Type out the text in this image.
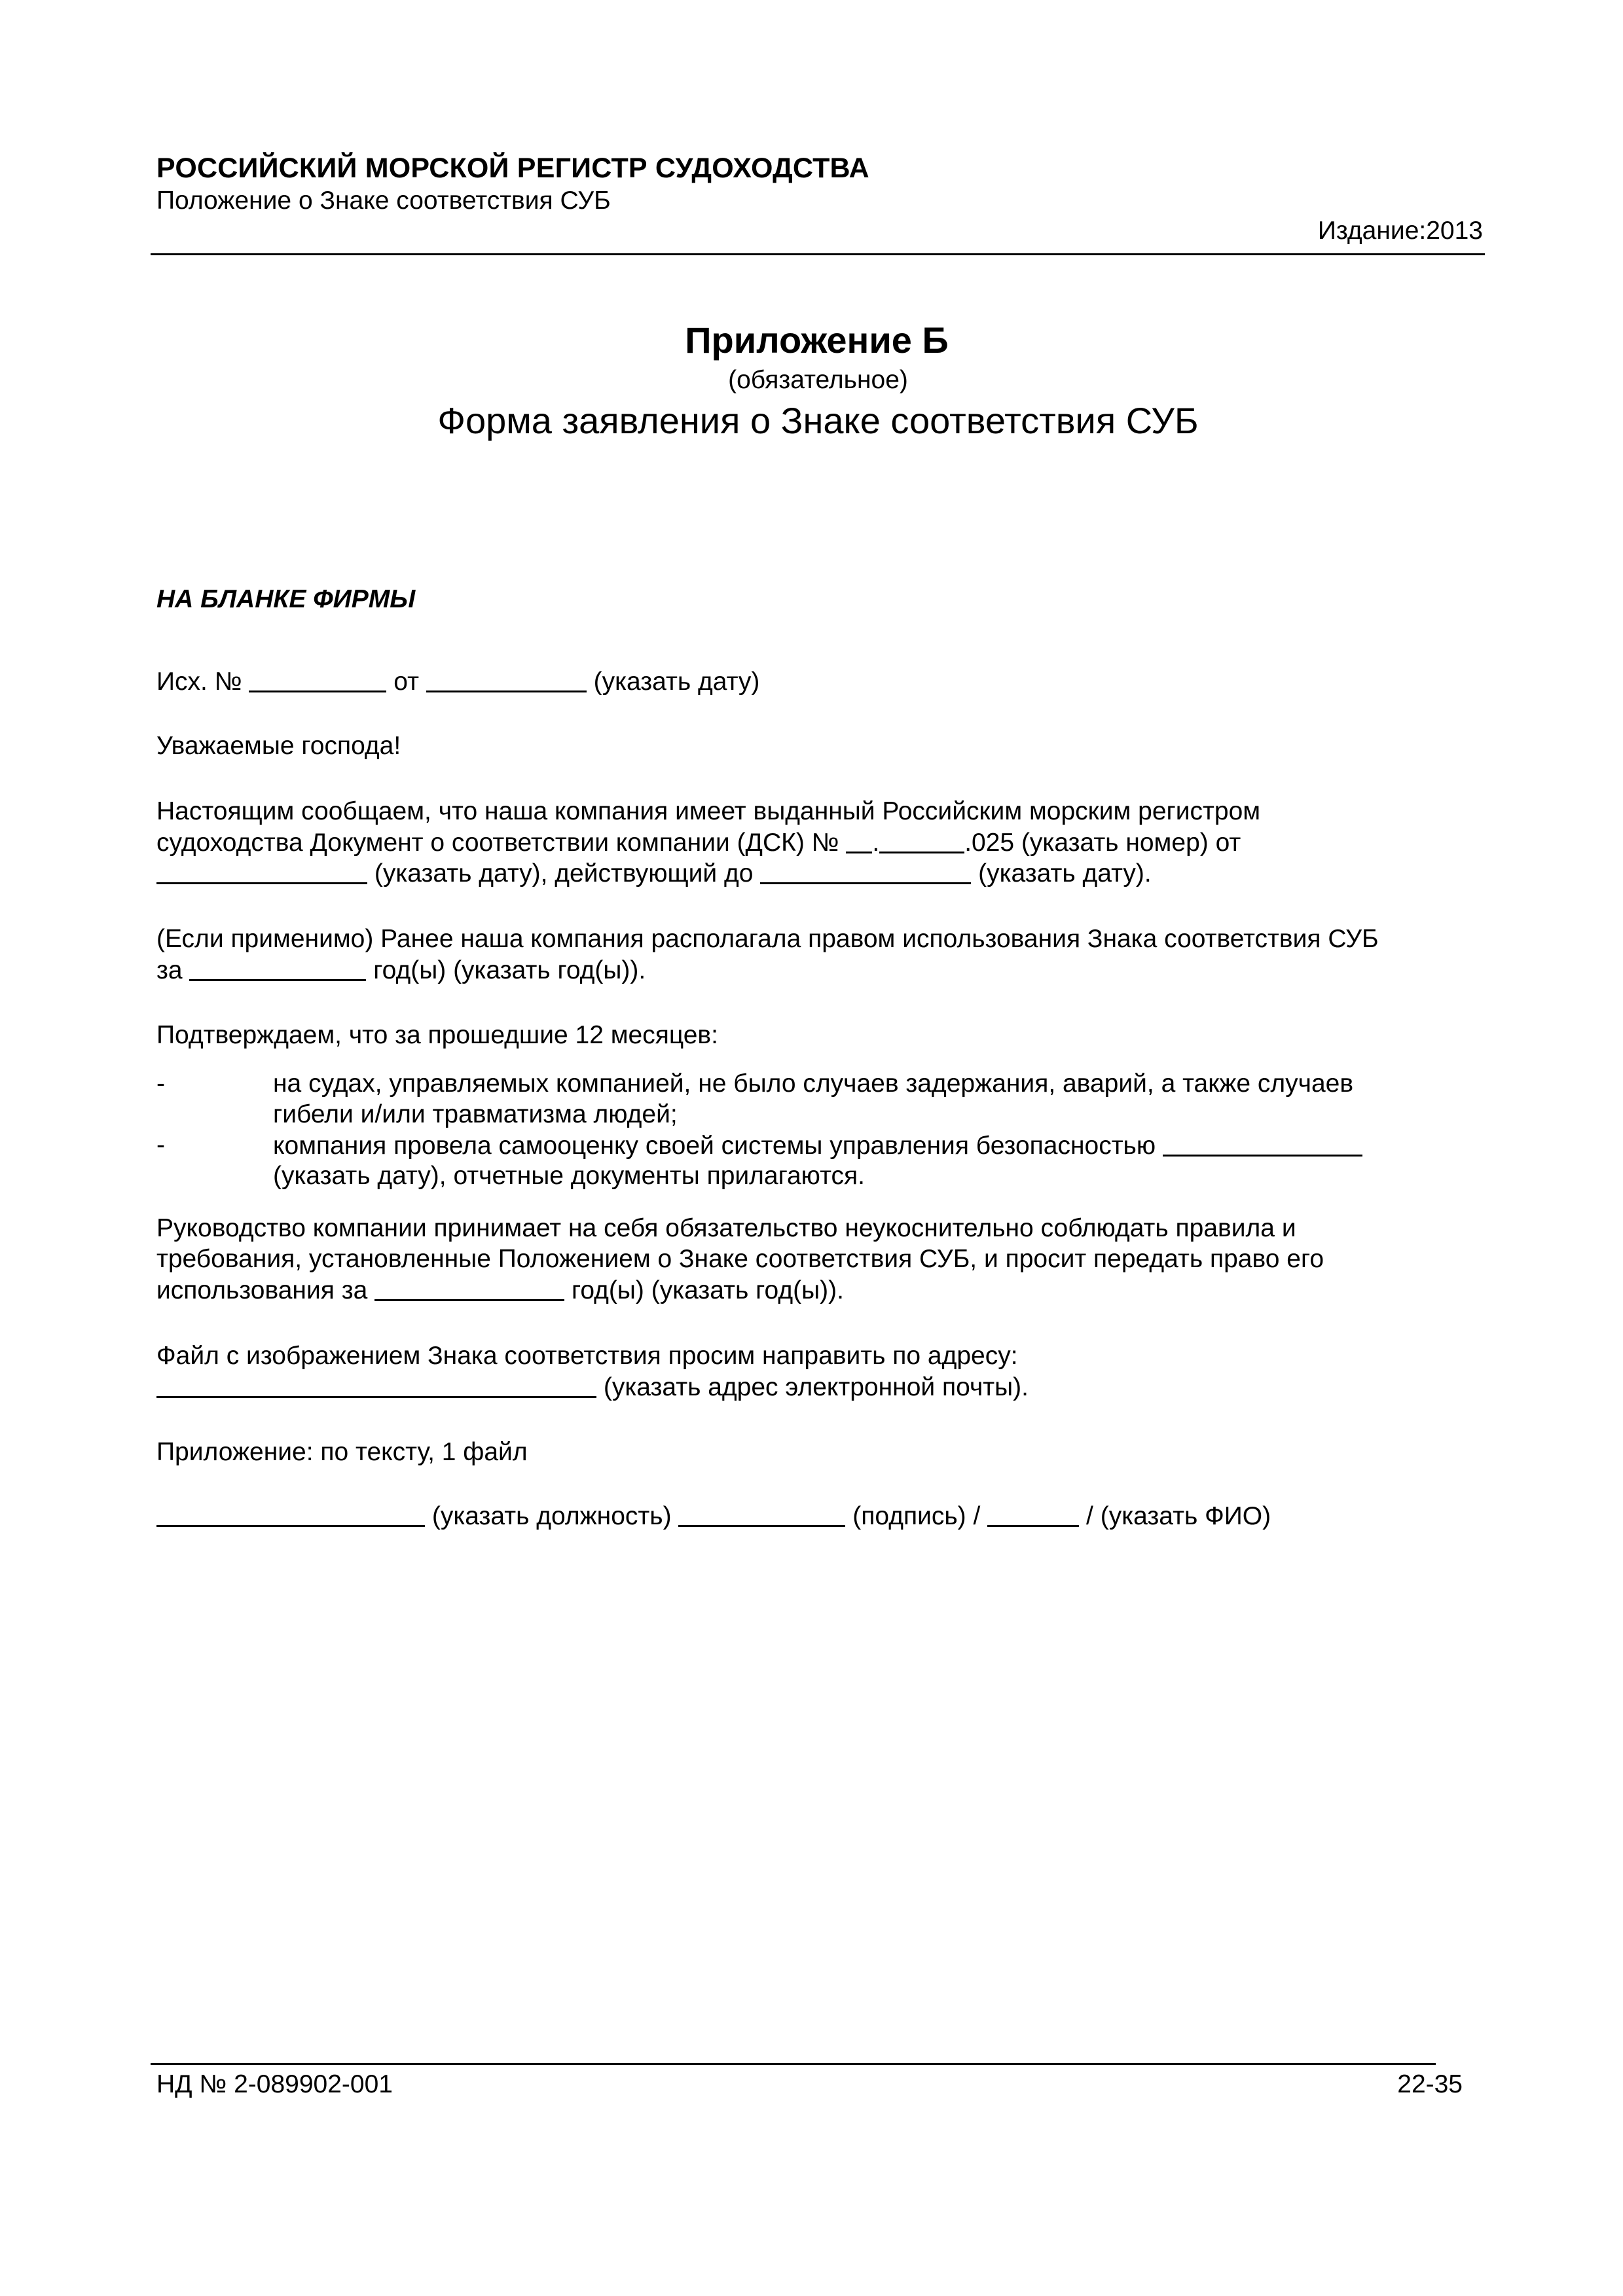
РОССИЙСКИЙ МОРСКОЙ РЕГИСТР СУДОХОДСТВА
Положение о Знаке соответствия СУБ
Издание:2013
Приложение Б
(обязательное)
Форма заявления о Знаке соответствия СУБ
НА БЛАНКЕ ФИРМЫ
Исх. №	от	(указать дату)
Уважаемые господа!
Настоящим сообщаем, что наша компания имеет выданный Российским морским регистром
судоходства Документ о соответствии компании (ДСК) № .	.025 (указать номер) от
(указать дату), действующий до	(указать дату).
(Если применимо) Ранее наша компания располагала правом использования Знака соответствия СУБ
за	год(ы) (указать год(ы)).
Подтверждаем, что за прошедшие 12 месяцев:
-	на судах, управляемых компанией, не было случаев задержания, аварий, а также случаев
гибели и/или травматизма людей;
-	компания провела самооценку своей системы управления безопасностью
(указать дату), отчетные документы прилагаются.
Руководство компании принимает на себя обязательство неукоснительно соблюдать правила и
требования, установленные Положением о Знаке соответствия СУБ, и просит передать право его
использования за	год(ы) (указать год(ы)).
Файл с изображением Знака соответствия просим направить по адресу:
(указать адрес электронной почты).
Приложение: по тексту, 1 файл
(указать должность)	(подпись) /	/ (указать ФИО)
НД № 2-089902-001	22-35
